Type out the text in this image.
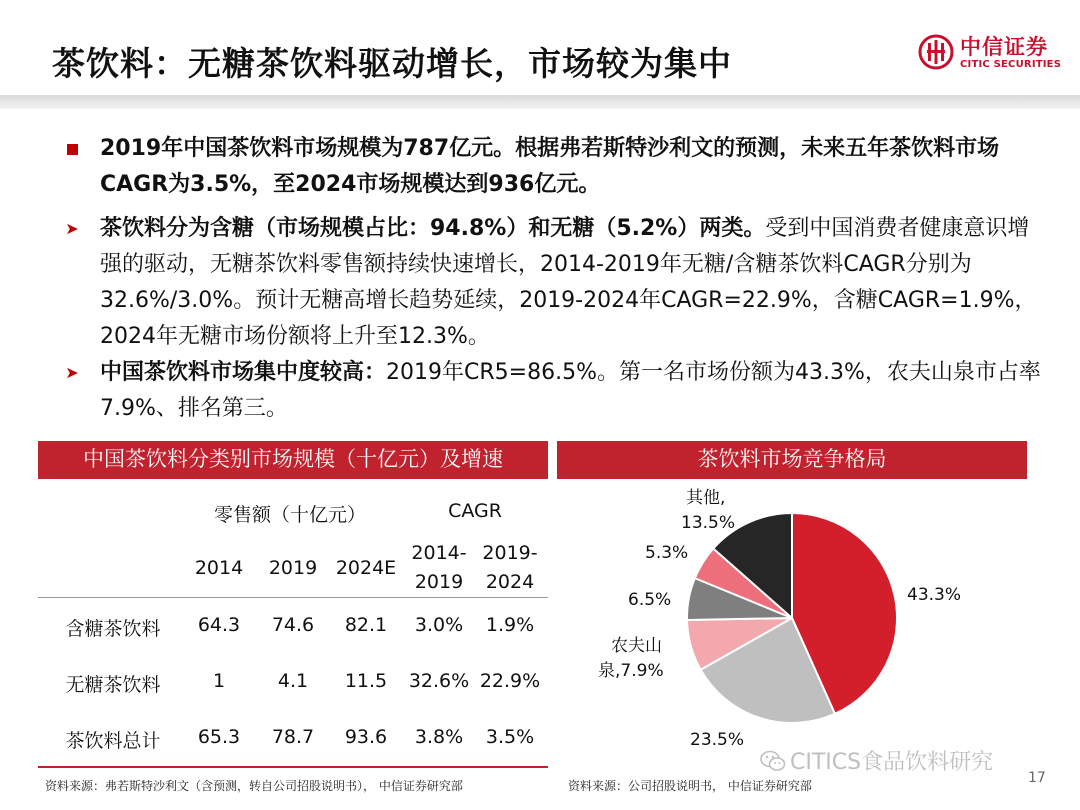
茶饮料：无糖茶饮料驱动增长，市场较为集中	中信证券
CITIC SECURITIES
2019年中国茶饮料市场规模为787亿元。根据弗若斯特沙利文的预测，未来五年茶饮料市场CAGR为3.5%，至2024市场规模达到936亿元。
➤ 茶饮料分为含糖（市场规模占比：94.8%）和无糖（5.2%）两类。受到中国消费者健康意识增强的驱动，无糖茶饮料零售额持续快速增长，2014-2019年无糖/含糖茶饮料CAGR分别为32.6%/3.0%。预计无糖高增长趋势延续，2019-2024年CAGR=22.9%，含糖CAGR=1.9%，2024年无糖市场份额将上升至12.3%。
➤ 中国茶饮料市场集中度较高：2019年CR5=86.5%。第一名市场份额为43.3%，农夫山泉市占率7.9%、排名第三。
中国茶饮料分类别市场规模（十亿元）及增速
零售额（十亿元）	CAGR
2014	2019 2024E
2014-
2019
2019-
2024
含糖茶饮料	64.3	74.6	82.1	3.0%	1.9%
无糖茶饮料	1	4.1	11.5	32.6% 22.9%
茶饮料总计	65.3	78.7	93.6	3.8%	3.5%
资料来源：弗若斯特沙利文（含预测，转自公司招股说明书）， 中信证券研究部
茶饮料市场竞争格局
43.3%
23.5%
农夫山
泉,7.9%
6.5%
5.3%
其他,
13.5%
资料来源：公司招股说明书， 中信证券研究部
CITICS食品饮料研究
17
